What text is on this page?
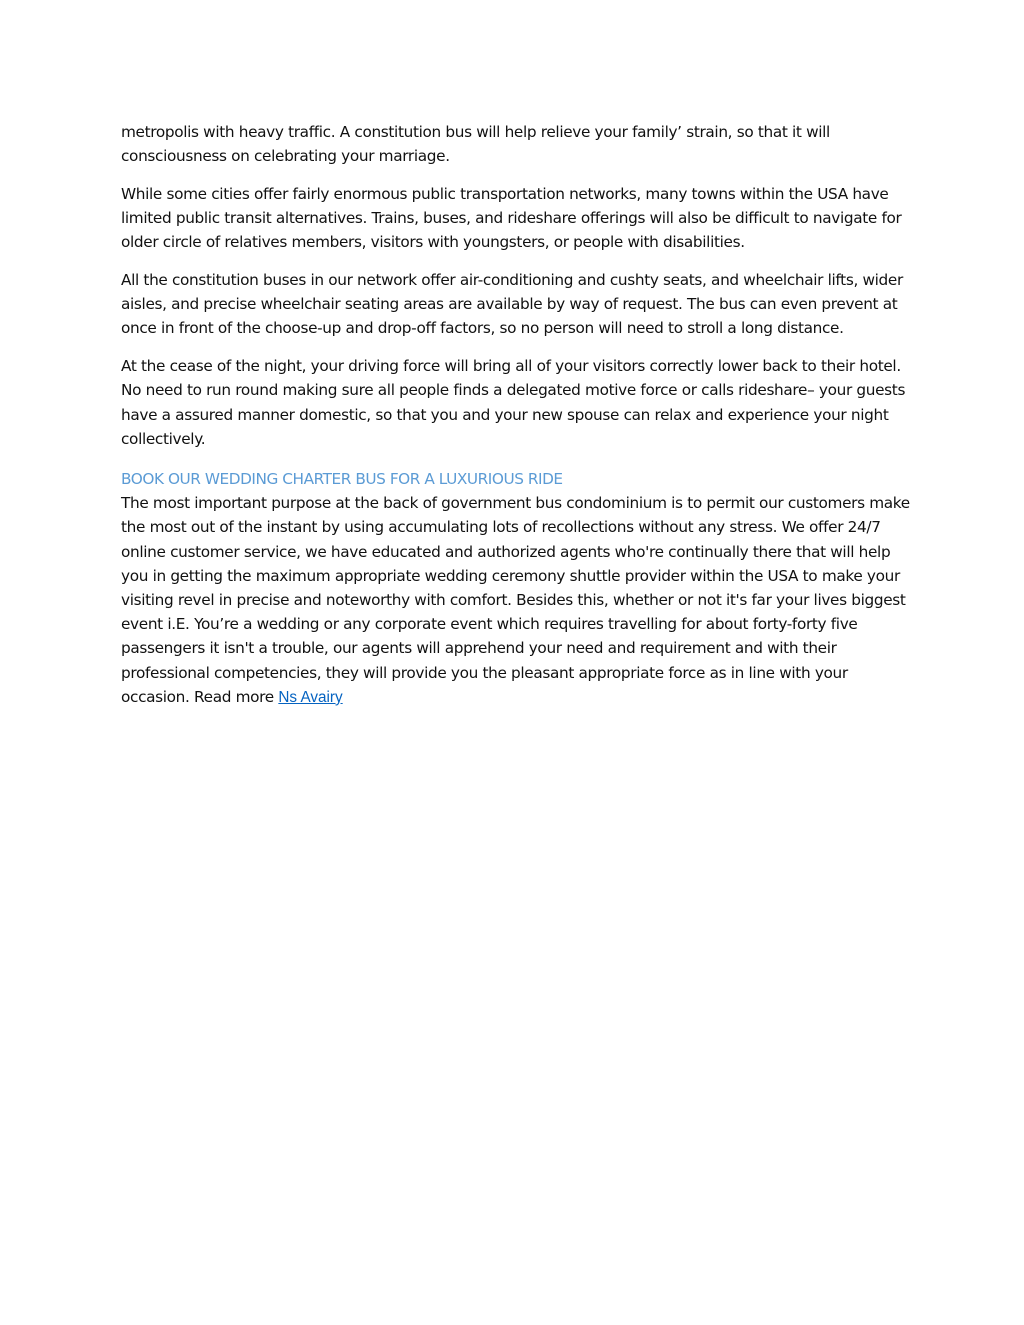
metropolis with heavy traffic. A constitution bus will help relieve your family’ strain, so that it will consciousness on celebrating your marriage.

While some cities offer fairly enormous public transportation networks, many towns within the USA have limited public transit alternatives. Trains, buses, and rideshare offerings will also be difficult to navigate for older circle of relatives members, visitors with youngsters, or people with disabilities.

All the constitution buses in our network offer air-conditioning and cushty seats, and wheelchair lifts, wider aisles, and precise wheelchair seating areas are available by way of request. The bus can even prevent at once in front of the choose-up and drop-off factors, so no person will need to stroll a long distance.

At the cease of the night, your driving force will bring all of your visitors correctly lower back to their hotel. No need to run round making sure all people finds a delegated motive force or calls rideshare– your guests have a assured manner domestic, so that you and your new spouse can relax and experience your night collectively.

BOOK OUR WEDDING CHARTER BUS FOR A LUXURIOUS RIDE

The most important purpose at the back of government bus condominium is to permit our customers make the most out of the instant by using accumulating lots of recollections without any stress. We offer 24/7 online customer service, we have educated and authorized agents who're continually there that will help you in getting the maximum appropriate wedding ceremony shuttle provider within the USA to make your visiting revel in precise and noteworthy with comfort. Besides this, whether or not it's far your lives biggest event i.E. You’re a wedding or any corporate event which requires travelling for about forty-forty five passengers it isn't a trouble, our agents will apprehend your need and requirement and with their professional competencies, they will provide you the pleasant appropriate force as in line with your occasion. Read more Ns Avairy
